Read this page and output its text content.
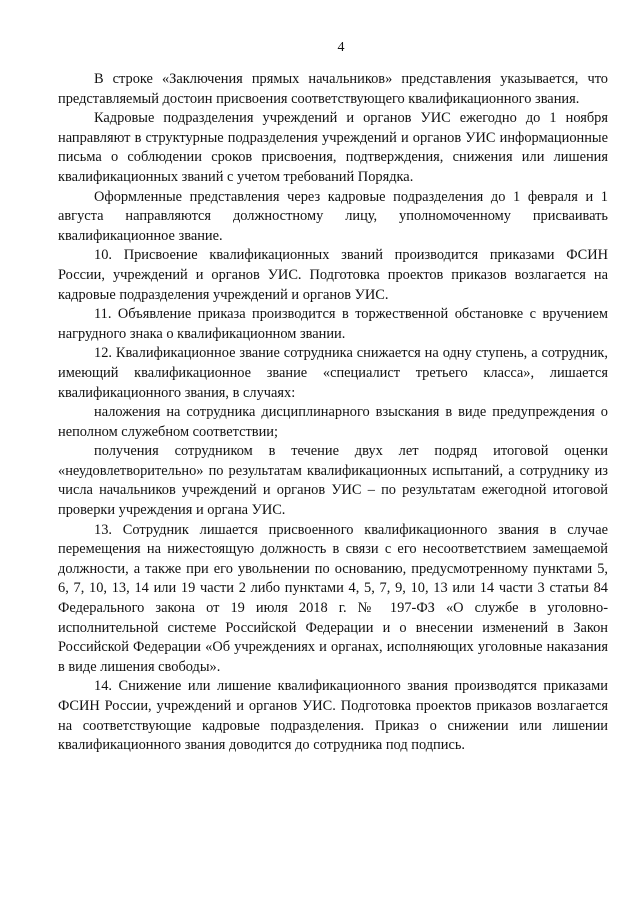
4

В строке «Заключения прямых начальников» представления указывается, что представляемый достоин присвоения соответствующего квалификационного звания.

Кадровые подразделения учреждений и органов УИС ежегодно до 1 ноября направляют в структурные подразделения учреждений и органов УИС информационные письма о соблюдении сроков присвоения, подтверждения, снижения или лишения квалификационных званий с учетом требований Порядка.

Оформленные представления через кадровые подразделения до 1 февраля и 1 августа направляются должностному лицу, уполномоченному присваивать квалификационное звание.

10. Присвоение квалификационных званий производится приказами ФСИН России, учреждений и органов УИС. Подготовка проектов приказов возлагается на кадровые подразделения учреждений и органов УИС.

11. Объявление приказа производится в торжественной обстановке с вручением нагрудного знака о квалификационном звании.

12. Квалификационное звание сотрудника снижается на одну ступень, а сотрудник, имеющий квалификационное звание «специалист третьего класса», лишается квалификационного звания, в случаях:

наложения на сотрудника дисциплинарного взыскания в виде предупреждения о неполном служебном соответствии;

получения сотрудником в течение двух лет подряд итоговой оценки «неудовлетворительно» по результатам квалификационных испытаний, а сотруднику из числа начальников учреждений и органов УИС – по результатам ежегодной итоговой проверки учреждения и органа УИС.

13. Сотрудник лишается присвоенного квалификационного звания в случае перемещения на нижестоящую должность в связи с его несоответствием замещаемой должности, а также при его увольнении по основанию, предусмотренному пунктами 5, 6, 7, 10, 13, 14 или 19 части 2 либо пунктами 4, 5, 7, 9, 10, 13 или 14 части 3 статьи 84 Федерального закона от 19 июля 2018 г. № 197-ФЗ «О службе в уголовно-исполнительной системе Российской Федерации и о внесении изменений в Закон Российской Федерации «Об учреждениях и органах, исполняющих уголовные наказания в виде лишения свободы».

14. Снижение или лишение квалификационного звания производятся приказами ФСИН России, учреждений и органов УИС. Подготовка проектов приказов возлагается на соответствующие кадровые подразделения. Приказ о снижении или лишении квалификационного звания доводится до сотрудника под подпись.
